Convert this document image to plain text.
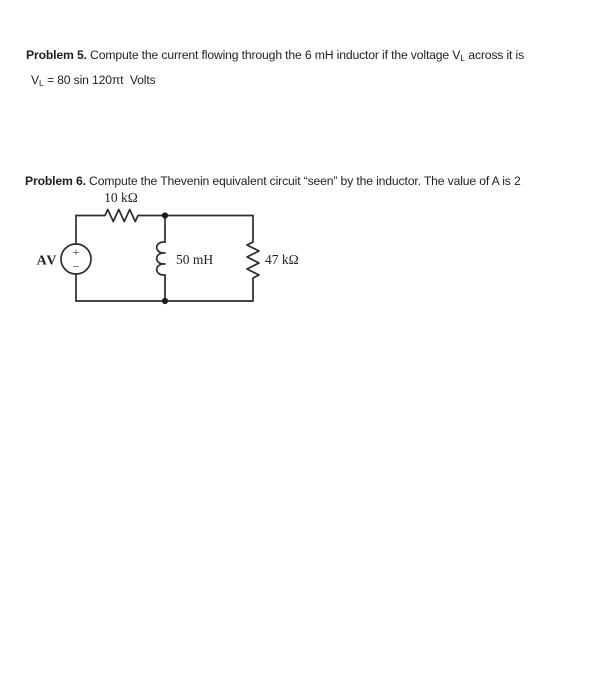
Problem 5. Compute the current flowing through the 6 mH inductor if the voltage $V_L$ across it is

$V_L = 80$ sin 120πt  Volts

Problem 6. Compute the Thevenin equivalent circuit “seen” by the inductor. The value of A is 2

+
−
AV
10 kΩ
50 mH	47 kΩ
